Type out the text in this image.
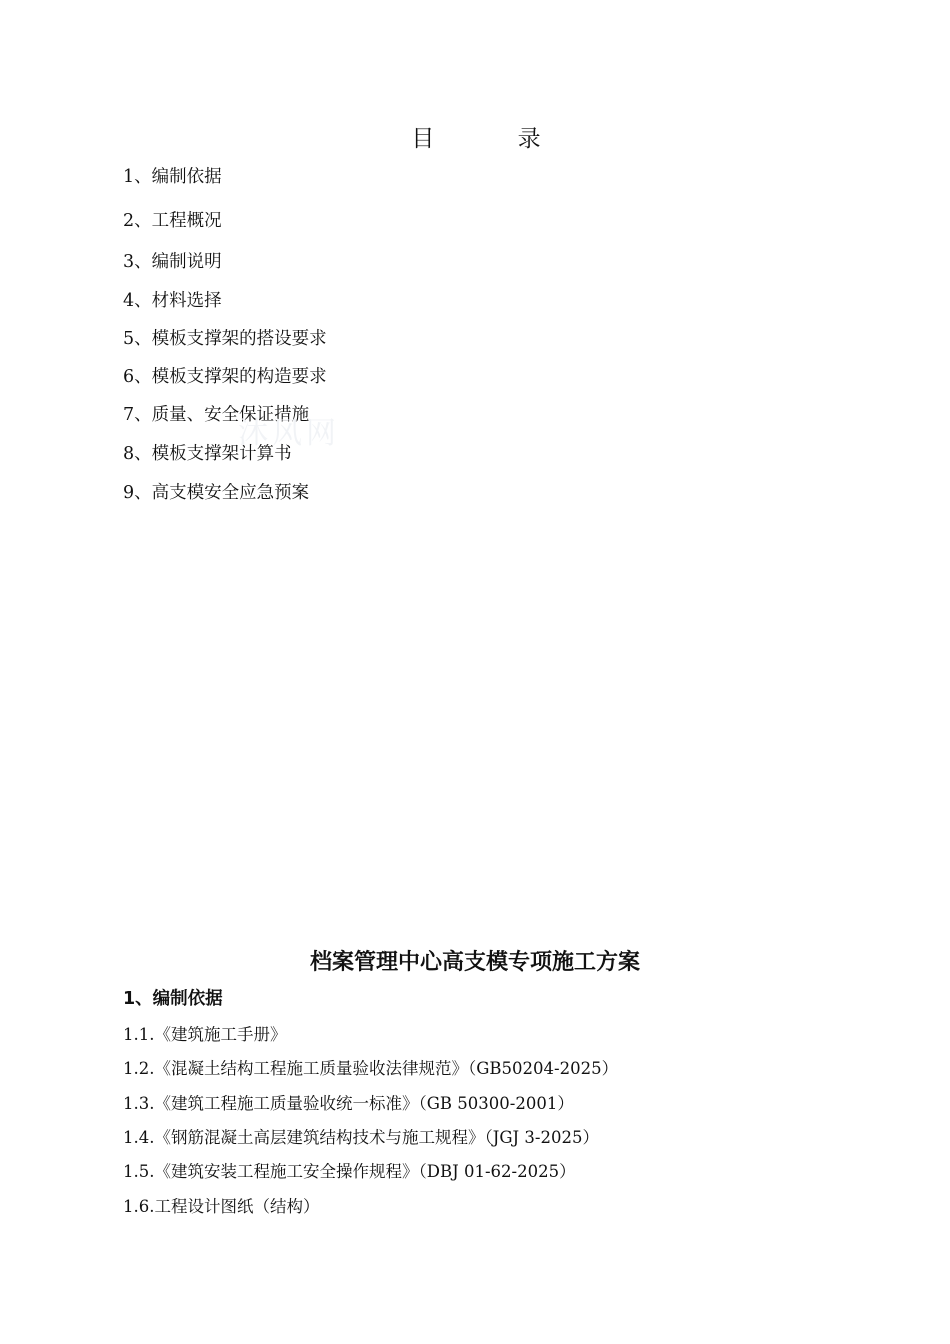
目 录
1、编制依据
2、工程概况
3、编制说明
4、材料选择
5、模板支撑架的搭设要求
6、模板支撑架的构造要求
7、质量、安全保证措施
8、模板支撑架计算书
9、高支模安全应急预案
沐风网
档案管理中心高支模专项施工方案
1、编制依据
1.1.《建筑施工手册》
1.2.《混凝土结构工程施工质量验收法律规范》（GB50204-2025）
1.3.《建筑工程施工质量验收统一标准》（GB 50300-2001）
1.4.《钢筋混凝土高层建筑结构技术与施工规程》（JGJ 3-2025）
1.5.《建筑安装工程施工安全操作规程》（DBJ 01-62-2025）
1.6.工程设计图纸（结构）
